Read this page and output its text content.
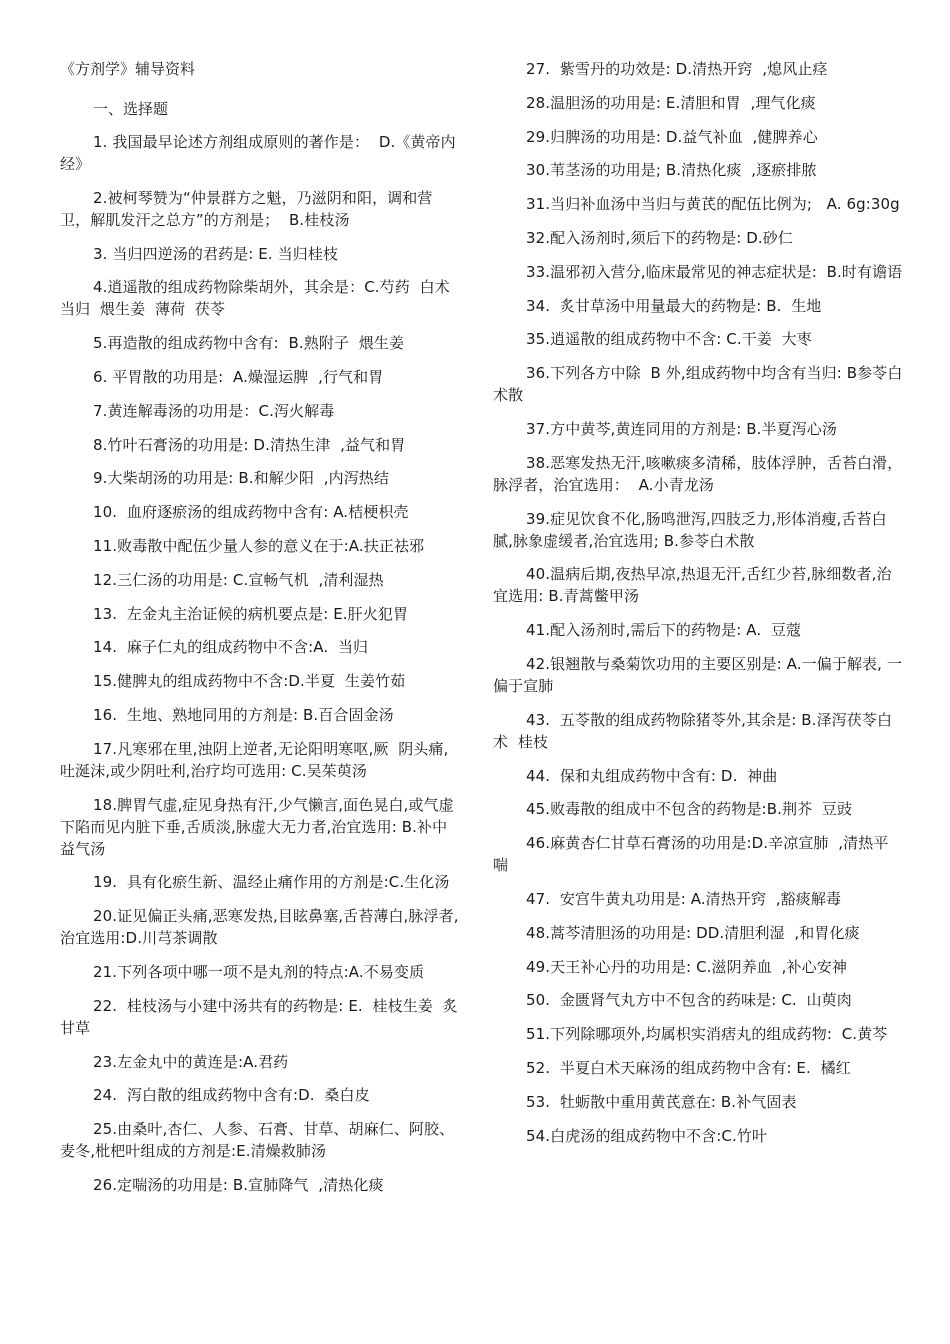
《方剂学》辅导资料
一、选择题

1. 我国最早论述方剂组成原则的著作是：  D.《黄帝内经》

2.被柯琴赞为“仲景群方之魁，乃滋阴和阳，调和营卫，解肌发汗之总方”的方剂是；  B.桂枝汤

3. 当归四逆汤的君药是: E. 当归桂枝

4.逍遥散的组成药物除柴胡外，其余是：C.芍药  白术当归  煨生姜  薄荷  茯苓

5.再造散的组成药物中含有:  B.熟附子  煨生姜

6. 平胃散的功用是:  A.燥湿运脾  ,行气和胃

7.黄连解毒汤的功用是：C.泻火解毒

8.竹叶石膏汤的功用是: D.清热生津  ,益气和胃

9.大柴胡汤的功用是: B.和解少阳  ,内泻热结

10.  血府逐瘀汤的组成药物中含有: A.桔梗枳壳

11.败毒散中配伍少量人参的意义在于:A.扶正祛邪

12.三仁汤的功用是: C.宣畅气机  ,清利湿热

13.  左金丸主治证候的病机要点是: E.肝火犯胃

14.  麻子仁丸的组成药物中不含:A.  当归

15.健脾丸的组成药物中不含:D.半夏  生姜竹茹

16.  生地、熟地同用的方剂是: B.百合固金汤

17.凡寒邪在里,浊阴上逆者,无论阳明寒呕,厥  阴头痛,吐涎沫,或少阴吐利,治疗均可选用: C.吴茱萸汤

18.脾胃气虚,症见身热有汗,少气懒言,面色晃白,或气虚下陷而见内脏下垂,舌质淡,脉虚大无力者,治宜选用: B.补中益气汤

19.  具有化瘀生新、温经止痛作用的方剂是:C.生化汤

20.证见偏正头痛,恶寒发热,目眩鼻塞,舌苔薄白,脉浮者,治宜选用:D.川芎茶调散

21.下列各项中哪一项不是丸剂的特点:A.不易变质

22.  桂枝汤与小建中汤共有的药物是: E.  桂枝生姜  炙甘草

23.左金丸中的黄连是:A.君药

24.  泻白散的组成药物中含有:D.  桑白皮

25.由桑叶,杏仁、人参、石膏、甘草、胡麻仁、阿胶、麦冬,枇杷叶组成的方剂是:E.清燥救肺汤

26.定喘汤的功用是: B.宣肺降气  ,清热化痰

27.  紫雪丹的功效是: D.清热开窍  ,熄风止痉

28.温胆汤的功用是: E.清胆和胃  ,理气化痰

29.归脾汤的功用是: D.益气补血  ,健脾养心

30.苇茎汤的功用是; B.清热化痰  ,逐瘀排脓

31.当归补血汤中当归与黄芪的配伍比例为;   A. 6g:30g

32.配入汤剂时,须后下的药物是: D.砂仁

33.温邪初入营分,临床最常见的神志症状是:  B.时有谵语

34.  炙甘草汤中用量最大的药物是: B.  生地

35.逍遥散的组成药物中不含: C.干姜  大枣

36.下列各方中除  B 外,组成药物中均含有当归: B参苓白术散

37.方中黄芩,黄连同用的方剂是: B.半夏泻心汤

38.恶寒发热无汗,咳嗽痰多清稀，肢体浮肿，舌苔白滑，脉浮者，治宜选用：  A.小青龙汤

39.症见饮食不化,肠鸣泄泻,四肢乏力,形体消瘦,舌苔白腻,脉象虚缓者,治宜选用; B.参苓白术散

40.温病后期,夜热早凉,热退无汗,舌红少苔,脉细数者,治宜选用: B.青蒿鳖甲汤

41.配入汤剂时,需后下的药物是: A.  豆蔻

42.银翘散与桑菊饮功用的主要区别是: A.一偏于解表, 一偏于宣肺

43.  五苓散的组成药物除猪苓外,其余是: B.泽泻茯苓白术  桂枝

44.  保和丸组成药物中含有: D.  神曲

45.败毒散的组成中不包含的药物是:B.荆芥  豆豉

46.麻黄杏仁甘草石膏汤的功用是:D.辛凉宣肺  ,清热平喘

47.  安宫牛黄丸功用是: A.清热开窍  ,豁痰解毒

48.蒿芩清胆汤的功用是: DD.清胆利湿  ,和胃化痰

49.天王补心丹的功用是: C.滋阴养血  ,补心安神

50.  金匮肾气丸方中不包含的药味是: C.  山萸肉

51.下列除哪项外,均属枳实消痞丸的组成药物:  C.黄芩

52.  半夏白术天麻汤的组成药物中含有: E.  橘红

53.  牡蛎散中重用黄芪意在: B.补气固表

54.白虎汤的组成药物中不含:C.竹叶
